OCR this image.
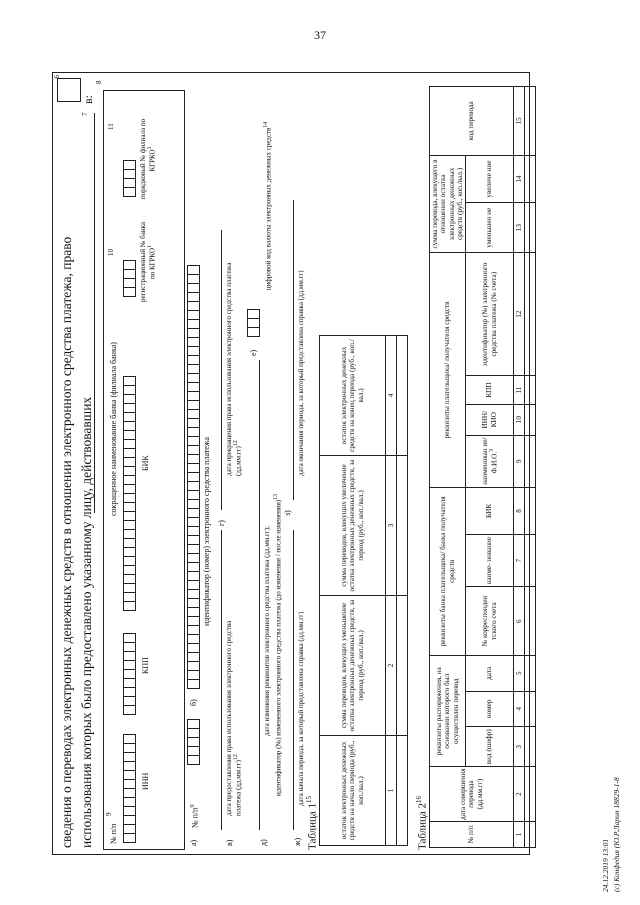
37
6
сведения о переводах электронных денежных средств в отношении электронного средства платежа, право использования которых было предоставлено указанному лицу, действовавших
7
в:
8
№ п/п
9
10
11
ИНН
КПП
сокращенное наименование банка (филиала банка)	БИК
регистрационный № банка по КГРКО$^1$
порядковый № филиала по КГРКО$^1$
а)
№ $п/п^9$
б)
идентификатор (номер) электронного средства платежа
в)
дата предоставления права использования электронного средства платежа $(дд.мм.гг)^{12}$
г)
дата прекращения права использования электронного средства платежа $(дд.мм.гг)^{12}$
д)
дата изменения реквизитов электронного средства платежа (дд.мм.гг); идентификатор (№) измененного электронного средства платежа (до изменения / после изменения)$^{13}$
е)
цифровой код валюты электронных денежных средств$^{14}$
ж)
дата начала периода, за который представлена справка (дд.мм.гг)
з)
дата окончания периода, за который представлена справка (дд.мм.гг)
Таблица $1^{15}$	остаток электронных денежных средств на начало периода (руб., коп./вал.)	сумма переводов, влекущих уменьшение остатка электронных денежных средств, за период (руб., коп./вал.)	сумма переводов, влекущих увеличение остатка электронных денежных средств, за период (руб., коп./вал.)	остаток электронных денежных средств на конец периода (руб., коп./вал.)
1	2	3	4

Таблица $2^{16}$
№ п/п	дата совершения перевода (дд.мм.гг)	реквизиты распоряжения, на основании которого был осуществлен перевод			реквизиты банка плательщика/ банка получателя средств			реквизиты плательщика/ получателя средств				сумма перевода, влекущего в отношении остатка электронных денежных средств (руб., коп./вал.)		код перевода
		вид (шифр)	номер	дата	№ корреспонден тского счета	наиме- нование	БИК	наименован ие/ Ф.И.О.$^3$	ИНН/ КИО	КПП	идентификатор (№) электронного средства платежа (№ счета)	уменьшен ие	увеличе ние	
1	2	3	4	5	6	7	8	9	10	11	12	13	14	15

24.12.2019 13:01 (с) Конфедия (Ю.Р.Ларин 18829-1-8
